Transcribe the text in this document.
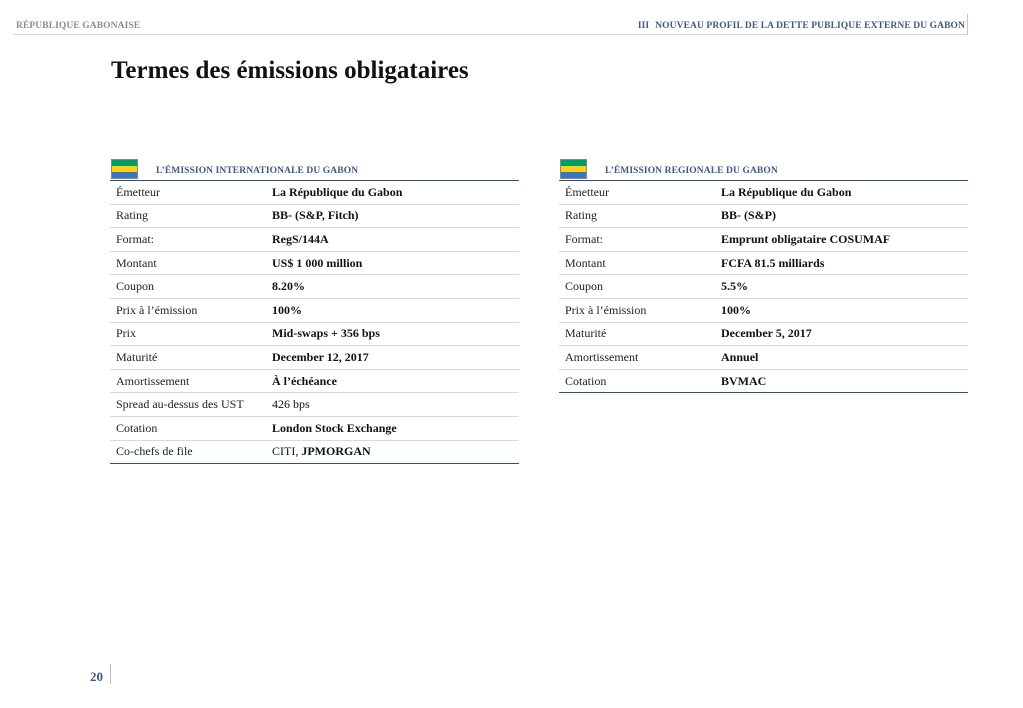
RÉPUBLIQUE GABONAISE	III NOUVEAU PROFIL DE LA DETTE PUBLIQUE EXTERNE DU GABON
Termes des émissions obligataires
L’ÉMISSION INTERNATIONALE DU GABON
Émetteur	La République du Gabon
Rating	BB- (S&P, Fitch)
Format:	RegS/144A
Montant	US$ 1 000 million
Coupon	8.20%
Prix à l’émission	100%
Prix	Mid-swaps + 356 bps
Maturité	December 12, 2017
Amortissement	À l’échéance
Spread au-dessus des UST	426 bps
Cotation	London Stock Exchange
Co-chefs de file	CITI, JPMORGAN
L’ÉMISSION REGIONALE DU GABON
Émetteur	La République du Gabon
Rating	BB- (S&P)
Format:	Emprunt obligataire COSUMAF
Montant	FCFA 81.5 milliards
Coupon	5.5%
Prix à l’émission	100%
Maturité	December 5, 2017
Amortissement	Annuel
Cotation	BVMAC
20
